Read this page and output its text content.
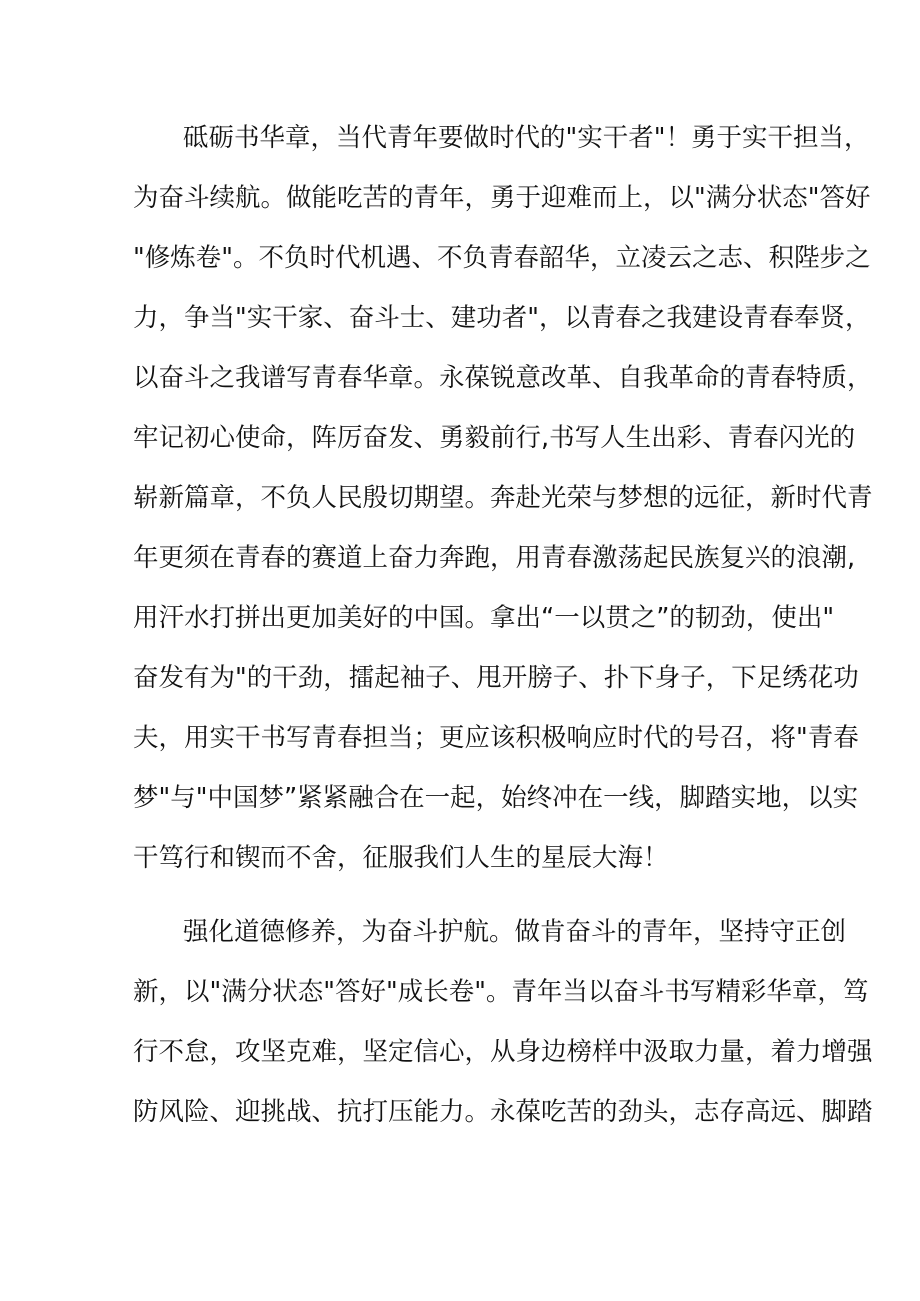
砥砺书华章，当代青年要做时代的"实干者"！勇于实干担当，
为奋斗续航。做能吃苦的青年，勇于迎难而上，以"满分状态"答好
"修炼卷"。不负时代机遇、不负青春韶华，立凌云之志、积陛步之
力，争当"实干家、奋斗士、建功者"，以青春之我建设青春奉贤，
以奋斗之我谱写青春华章。永葆锐意改革、自我革命的青春特质，
牢记初心使命，阵厉奋发、勇毅前行,书写人生出彩、青春闪光的
崭新篇章，不负人民殷切期望。奔赴光荣与梦想的远征，新时代青
年更须在青春的赛道上奋力奔跑，用青春激荡起民族复兴的浪潮,
用汗水打拼出更加美好的中国。拿出“一以贯之”的韧劲，使出"
奋发有为"的干劲，擂起袖子、甩开膀子、扑下身子，下足绣花功
夫，用实干书写青春担当；更应该积极响应时代的号召，将"青春
梦"与"中国梦”紧紧融合在一起，始终冲在一线，脚踏实地，以实
干笃行和锲而不舍，征服我们人生的星辰大海！
强化道德修养，为奋斗护航。做肯奋斗的青年，坚持守正创
新，以"满分状态"答好"成长卷"。青年当以奋斗书写精彩华章，笃
行不怠，攻坚克难，坚定信心，从身边榜样中汲取力量，着力增强
防风险、迎挑战、抗打压能力。永葆吃苦的劲头，志存高远、脚踏
